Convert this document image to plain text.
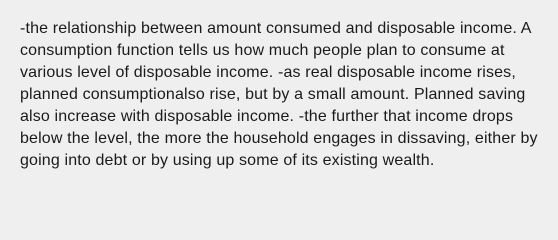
-the relationship between amount consumed and disposable income. A consumption function tells us how much people plan to consume at various level of disposable income. -as real disposable income rises, planned consumptionalso rise, but by a small amount. Planned saving also increase with disposable income. -the further that income drops below the level, the more the household engages in dissaving, either by going into debt or by using up some of its existing wealth.
